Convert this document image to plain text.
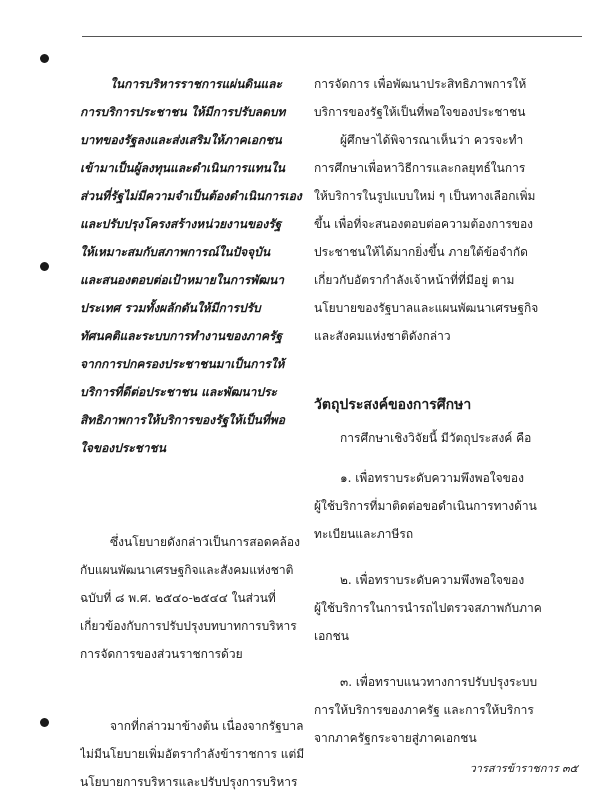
ในการบริหารราชการแผ่นดินและ
การบริการประชาชน ให้มีการปรับลดบท
บาทของรัฐลงและส่งเสริมให้ภาคเอกชน
เข้ามาเป็นผู้ลงทุนและดำเนินการแทนใน
ส่วนที่รัฐไม่มีความจำเป็นต้องดำเนินการเอง
และปรับปรุงโครงสร้างหน่วยงานของรัฐ
ให้เหมาะสมกับสภาพการณ์ในปัจจุบัน
และสนองตอบต่อเป้าหมายในการพัฒนา
ประเทศ รวมทั้งผลักดันให้มีการปรับ
ทัศนคติและระบบการทำงานของภาครัฐ
จากการปกครองประชาชนมาเป็นการให้
บริการที่ดีต่อประชาชน และพัฒนาประ
สิทธิภาพการให้บริการของรัฐให้เป็นที่พอ
ใจของประชาชน
ซึ่งนโยบายดังกล่าวเป็นการสอดคล้อง
กับแผนพัฒนาเศรษฐกิจและสังคมแห่งชาติ
ฉบับที่ ๘ พ.ศ. ๒๕๔๐-๒๕๔๔ ในส่วนที่
เกี่ยวข้องกับการปรับปรุงบทบาทการบริหาร
การจัดการของส่วนราชการด้วย
จากที่กล่าวมาข้างต้น เนื่องจากรัฐบาล
ไม่มีนโยบายเพิ่มอัตรากำลังข้าราชการ แต่มี
นโยบายการบริหารและปรับปรุงการบริหาร
การจัดการ เพื่อพัฒนาประสิทธิภาพการให้
บริการของรัฐให้เป็นที่พอใจของประชาชน
ผู้ศึกษาได้พิจารณาเห็นว่า ควรจะทำ
การศึกษาเพื่อหาวิธีการและกลยุทธ์ในการ
ให้บริการในรูปแบบใหม่ ๆ เป็นทางเลือกเพิ่ม
ขึ้น เพื่อที่จะสนองตอบต่อความต้องการของ
ประชาชนให้ได้มากยิ่งขึ้น ภายใต้ข้อจำกัด
เกี่ยวกับอัตรากำลังเจ้าหน้าที่ที่มีอยู่ ตาม
นโยบายของรัฐบาลและแผนพัฒนาเศรษฐกิจ
และสังคมแห่งชาติดังกล่าว
วัตถุประสงค์ของการศึกษา
การศึกษาเชิงวิจัยนี้ มีวัตถุประสงค์ คือ
๑. เพื่อทราบระดับความพึงพอใจของ
ผู้ใช้บริการที่มาติดต่อขอดำเนินการทางด้าน
ทะเบียนและภาษีรถ
๒. เพื่อทราบระดับความพึงพอใจของ
ผู้ใช้บริการในการนำรถไปตรวจสภาพกับภาค
เอกชน
๓. เพื่อทราบแนวทางการปรับปรุงระบบ
การให้บริการของภาครัฐ และการให้บริการ
จากภาครัฐกระจายสู่ภาคเอกชน
วารสารข้าราชการ ๓๕
